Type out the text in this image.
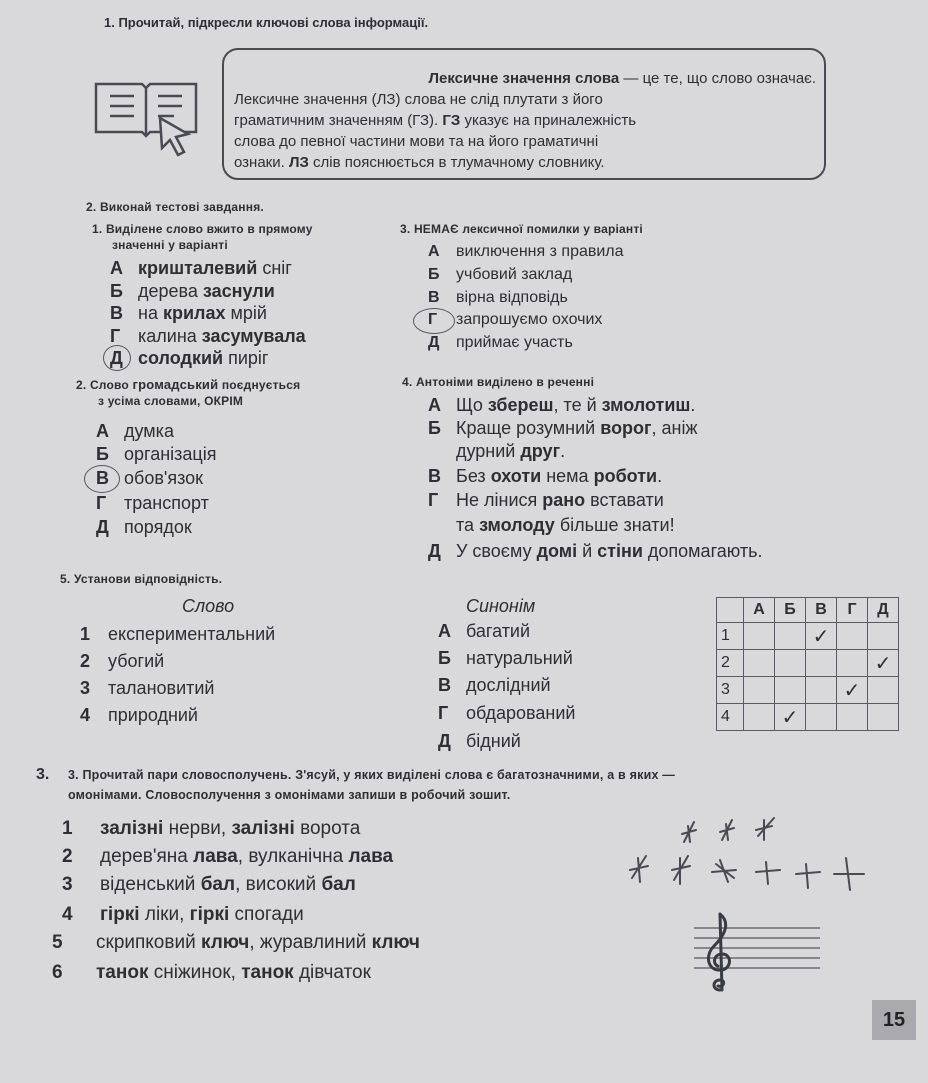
1. Прочитай, підкресли ключові слова інформації.
Лексичне значення слова — це те, що слово означає.
Лексичне значення (ЛЗ) слова не слід плутати з його
граматичним значенням (ГЗ). ГЗ указує на приналежність
слова до певної частини мови та на його граматичні
ознаки. ЛЗ слів пояснюється в тлумачному словнику.
2. Виконай тестові завдання.
1. Виділене слово вжито в прямому
значенні у варіанті
А кришталевий сніг
Б дерева заснули
В на крилах мрій
Г калина засумувала
Д солодкий пиріг
2. Слово громадський поєднується
з усіма словами, ОКРІМ
А думка
Б організація
В обов'язок
Г транспорт
Д порядок
3. НЕМАЄ лексичної помилки у варіанті
А виключення з правила
Б учбовий заклад
В вірна відповідь
Г запрошуємо охочих
Д приймає участь
4. Антоніми виділено в реченні
А Що збереш, те й змолотиш.
Б Краще розумний ворог, аніж
дурний друг.
В Без охоти нема роботи.
Г Не лінися рано вставати
та змолоду більше знати!
Д У своєму домі й стіни допомагають.
5. Установи відповідність.
Слово	Синонім
1 експериментальний
2 убогий
3 талановитий
4 природний
А багатий
Б натуральний
В дослідний
Г обдарований
Д бідний
	А	Б	В	Г	Д
1			✓		
2					✓
3				✓	
4		✓			
3. 3. Прочитай пари словосполучень. З'ясуй, у яких виділені слова є багатозначними, а в яких —
омонімами. Словосполучення з омонімами запиши в робочий зошит.
1 залізні нерви, залізні ворота
2 дерев'яна лава, вулканічна лава
3 віденський бал, високий бал
4 гіркі ліки, гіркі спогади
5 скрипковий ключ, журавлиний ключ
6 танок сніжинок, танок дівчаток
15
